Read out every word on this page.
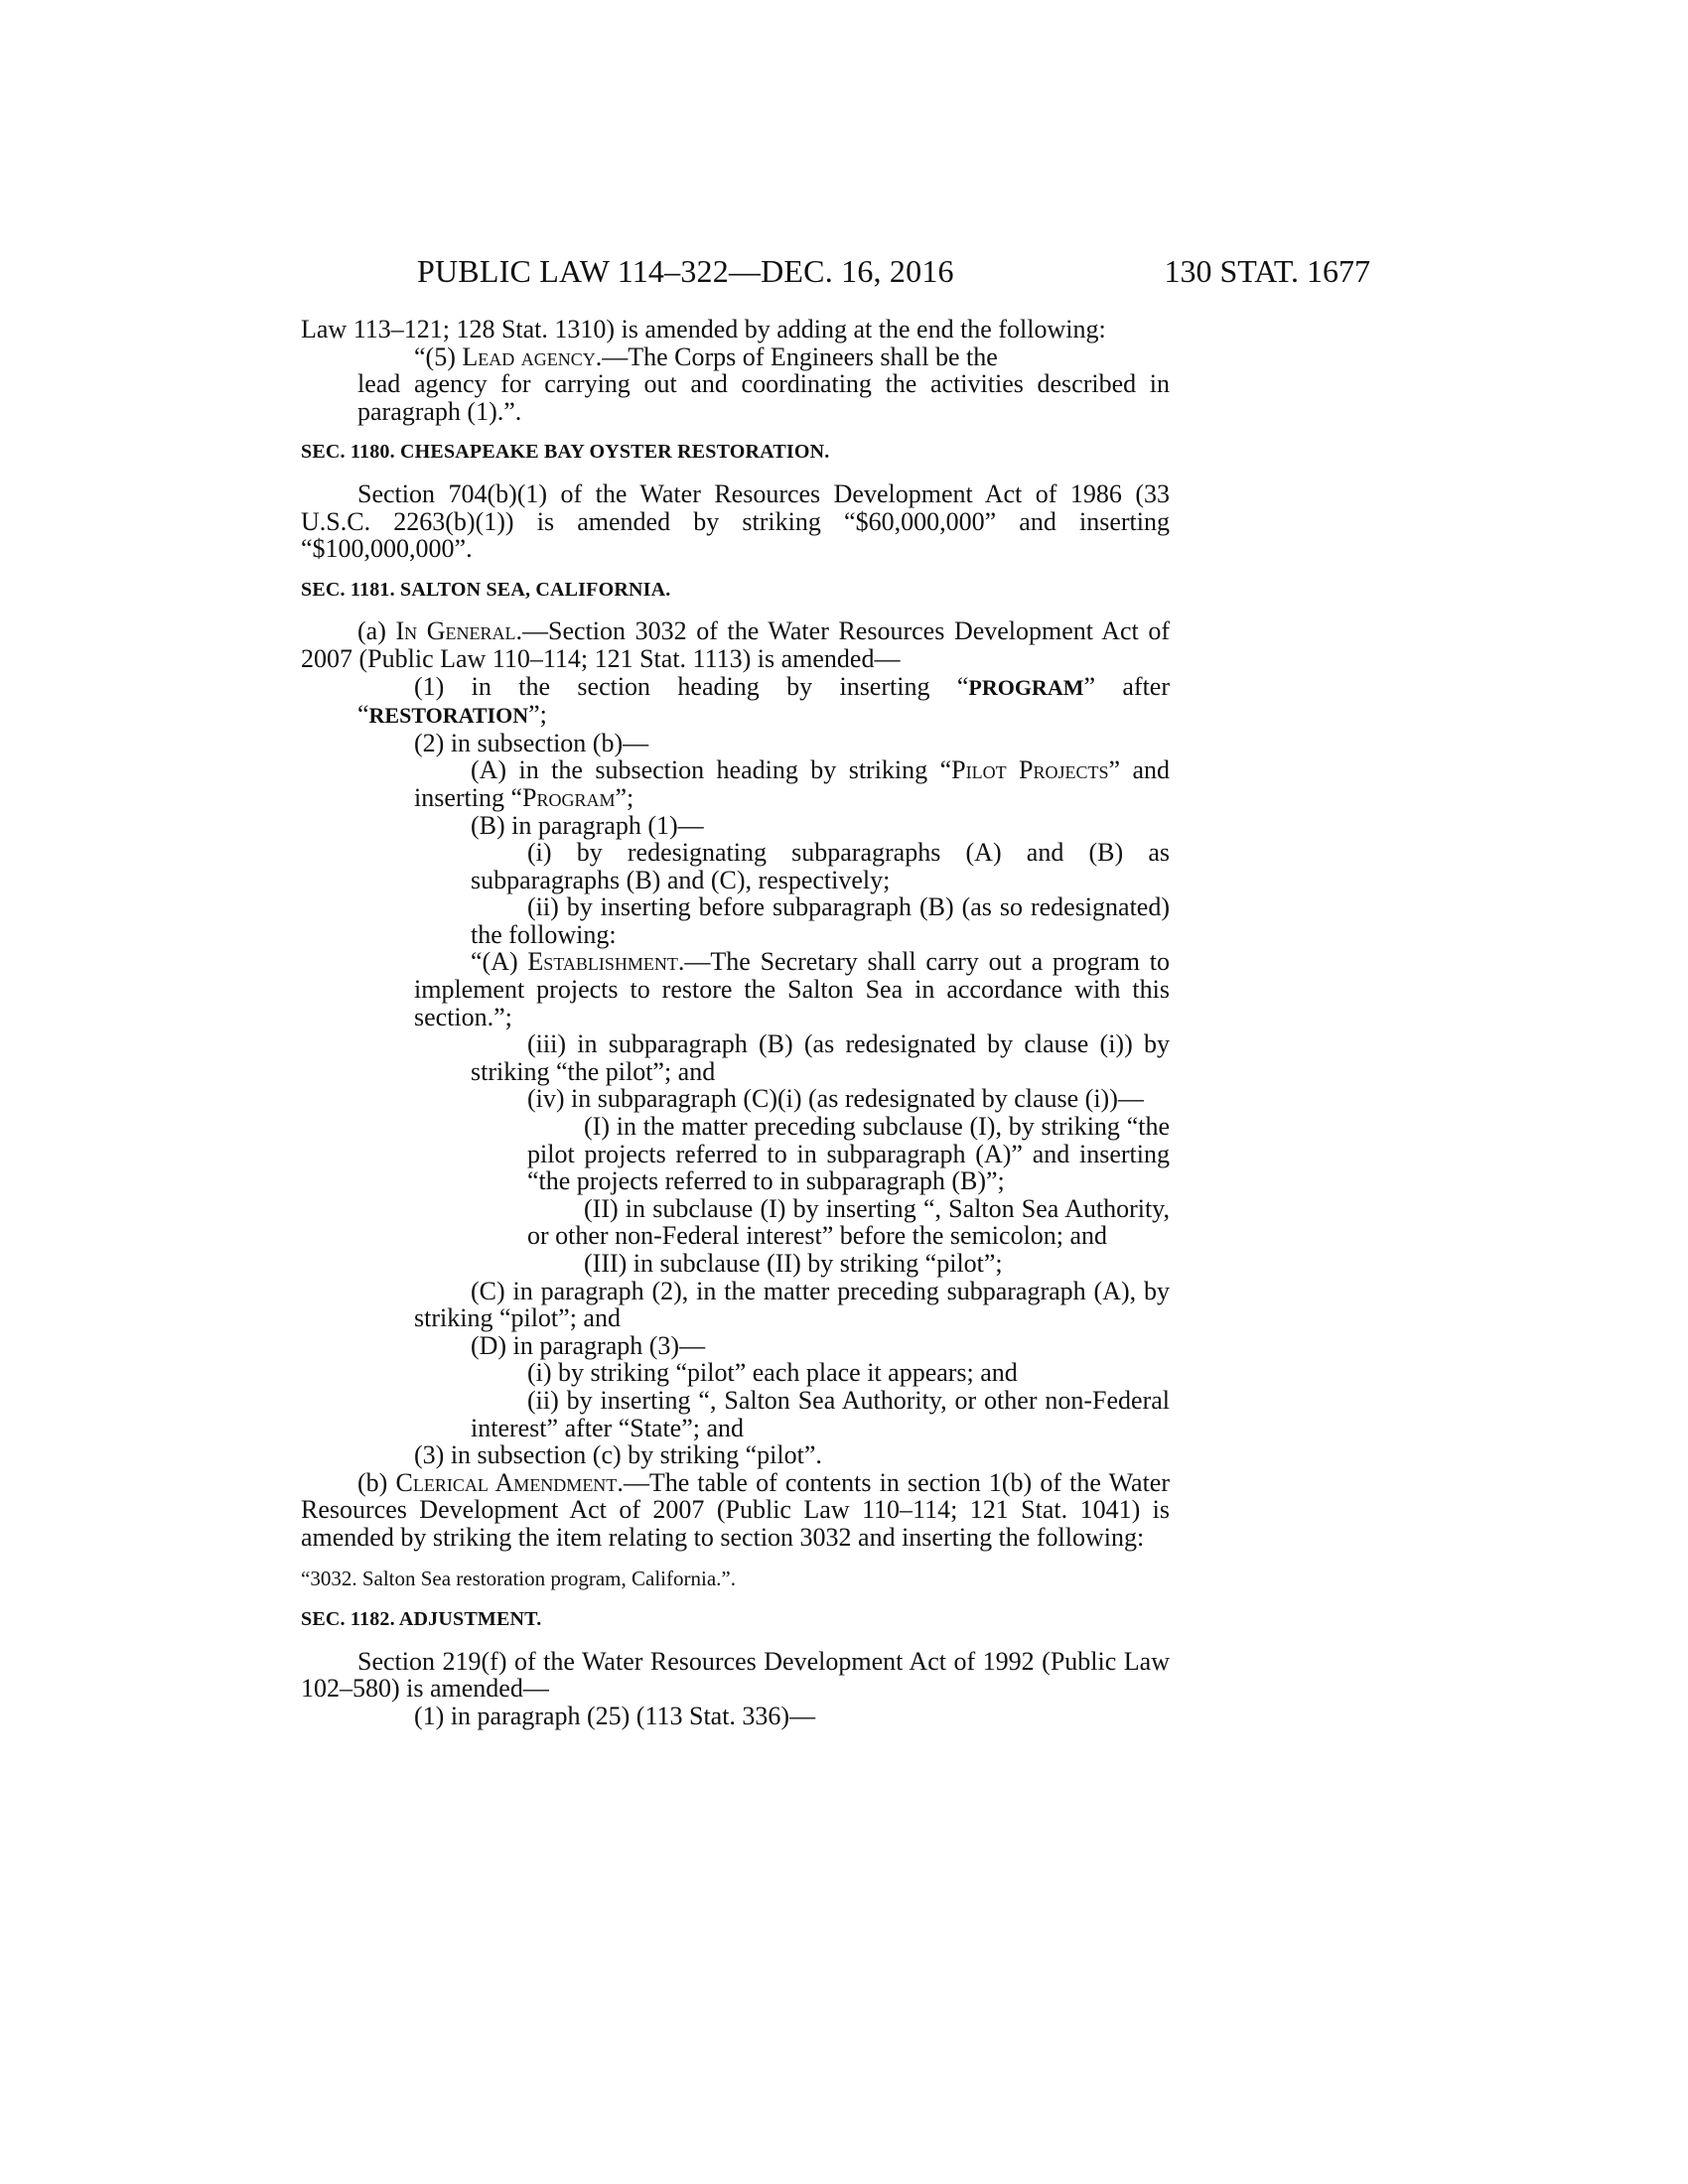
PUBLIC LAW 114–322—DEC. 16, 2016	130 STAT. 1677

Law 113–121; 128 Stat. 1310) is amended by adding at the end the following:

“(5) Lead agency.—The Corps of Engineers shall be the

lead agency for carrying out and coordinating the activities described in paragraph (1).”.

SEC. 1180. CHESAPEAKE BAY OYSTER RESTORATION.

Section 704(b)(1) of the Water Resources Development Act of 1986 (33 U.S.C. 2263(b)(1)) is amended by striking “$60,000,000” and inserting “$100,000,000”.

SEC. 1181. SALTON SEA, CALIFORNIA.

(a) In General.—Section 3032 of the Water Resources Development Act of 2007 (Public Law 110–114; 121 Stat. 1113) is amended—

(1) in the section heading by inserting “PROGRAM” after “RESTORATION”;

(2) in subsection (b)—

(A) in the subsection heading by striking “Pilot Projects” and inserting “Program”;

(B) in paragraph (1)—

(i) by redesignating subparagraphs (A) and (B) as subparagraphs (B) and (C), respectively;

(ii) by inserting before subparagraph (B) (as so redesignated) the following:

“(A) Establishment.—The Secretary shall carry out a program to implement projects to restore the Salton Sea in accordance with this section.”;

(iii) in subparagraph (B) (as redesignated by clause (i)) by striking “the pilot”; and

(iv) in subparagraph (C)(i) (as redesignated by clause (i))—

(I) in the matter preceding subclause (I), by striking “the pilot projects referred to in subparagraph (A)” and inserting “the projects referred to in subparagraph (B)”;

(II) in subclause (I) by inserting “, Salton Sea Authority, or other non-Federal interest” before the semicolon; and

(III) in subclause (II) by striking “pilot”;

(C) in paragraph (2), in the matter preceding subparagraph (A), by striking “pilot”; and

(D) in paragraph (3)—

(i) by striking “pilot” each place it appears; and

(ii) by inserting “, Salton Sea Authority, or other non-Federal interest” after “State”; and

(3) in subsection (c) by striking “pilot”.

(b) Clerical Amendment.—The table of contents in section 1(b) of the Water Resources Development Act of 2007 (Public Law 110–114; 121 Stat. 1041) is amended by striking the item relating to section 3032 and inserting the following:

“3032. Salton Sea restoration program, California.”.

SEC. 1182. ADJUSTMENT.

Section 219(f) of the Water Resources Development Act of 1992 (Public Law 102–580) is amended—

(1) in paragraph (25) (113 Stat. 336)—
